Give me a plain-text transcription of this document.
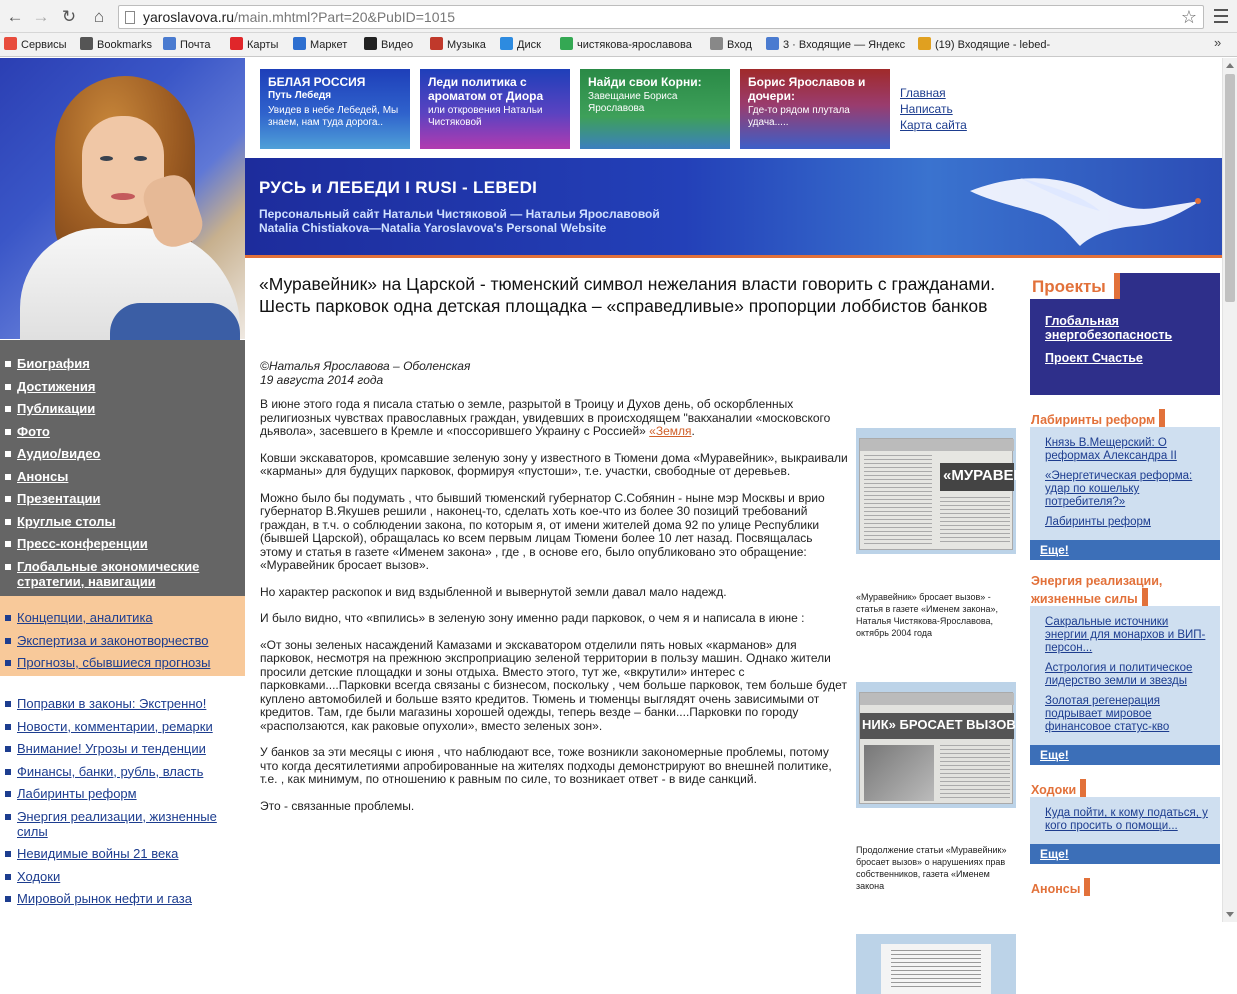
← → ↻	⌂	yaroslavova.ru/main.mhtml?Part=20&PubID=1015	☆
Сервисы	Bookmarks	Почта	Карты	Маркет	Видео	Музыка	Диск	чистякова-ярославова	Вход	3 · Входящие — Яндекс	(19) Входящие - lebed-	»
Биография
Достижения
Публикации
Фото
Аудио/видео
Анонсы
Презентации
Круглые столы
Пресс-конференции
Глобальные экономические стратегии, навигации
Концепции, аналитика
Экспертиза и законотворчество
Прогнозы, сбывшиеся прогнозы
Поправки в законы: Экстренно!
Новости, комментарии, ремарки
Внимание! Угрозы и тенденции
Финансы, банки, рубль, власть
Лабиринты реформ
Энергия реализации, жизненные силы
Невидимые войны 21 века
Ходоки
Мировой рынок нефти и газа
БЕЛАЯ РОССИЯ
Путь Лебедя
Увидев в небе Лебедей, Мы знаем, нам туда дорога..
Леди политика с ароматом от Диора
или откровения Натальи Чистяковой
Найди свои Корни:
Завещание Бориса Ярославова
Борис Ярославов и дочери:
Где-то рядом плутала удача.....
Главная
Написать
Карта сайта
РУСЬ и ЛЕБЕДИ I RUSI - LEBEDI
Персональный сайт Натальи Чистяковой — Натальи Ярославовой
Natalia Chistiakova—Natalia Yaroslavova's Personal Website
«Муравейник» на Царской - тюменский символ нежелания власти говорить с гражданами. Шесть парковок одна детская площадка – «справедливые» пропорции лоббистов банков
©Наталья Ярославова – Оболенская
19 августа 2014 года

В июне этого года я писала статью о земле, разрытой в Троицу и Духов день, об оскорбленных религиозных чувствах православных граждан, увидевших в происходящем "вакханалии «московского дьявола», засевшего в Кремле и «поссорившего Украину с Россией» «Земля.

Ковши экскаваторов, кромсавшие зеленую зону у известного в Тюмени дома «Муравейник», выкраивали «карманы» для будущих парковок, формируя «пустоши», т.е. участки, свободные от деревьев.

Можно было бы подумать , что бывший тюменский губернатор С.Собянин - ныне мэр Москвы и врио губернатор В.Якушев решили , наконец-то, сделать хоть кое-что из более 30 позиций требований граждан, в т.ч. о соблюдении закона, по которым я, от имени жителей дома 92 по улице Республики (бывшей Царской), обращалась ко всем первым лицам Тюмени более 10 лет назад. Посвящалась этому и статья в газете «Именем закона» , где , в основе его, было опубликовано это обращение: «Муравейник бросает вызов».

Но характер раскопок и вид вздыбленной и вывернутой земли давал мало надежд.

И было видно, что «впились» в зеленую зону именно ради парковок, о чем я и написала в июне :

«От зоны зеленых насаждений Камазами и экскаватором отделили пять новых «карманов» для парковок, несмотря на прежнюю экспроприацию зеленой территории в пользу машин. Однако жители просили детские площадки и зоны отдыха. Вместо этого, тут же, «вкрутили» интерес с парковками....Парковки всегда связаны с бизнесом, поскольку , чем больше парковок, тем больше будет куплено автомобилей и больше взято кредитов. Тюмень и тюменцы выглядят очень зависимыми от кредитов. Там, где были магазины хорошей одежды, теперь везде – банки....Парковки по городу «расползаются, как раковые опухоли», вместо зеленых зон».

У банков за эти месяцы с июня , что наблюдают все, тоже возникли закономерные проблемы, потому что когда десятилетиями апробированные на жителях подходы демонстрируют во внешней политике, т.е. , как минимум, по отношению к равным по силе, то возникает ответ - в виде санкций.

Это - связанные проблемы.

«МУРАВЕЙ
«Муравейник» бросает вызов» - статья в газете «Именем закона», Наталья Чистякова-Ярославова, октябрь 2004 года
НИК» БРОСАЕТ ВЫЗОВ
Продолжение статьи «Муравейник» бросает вызов» о нарушениях прав собственников, газета «Именем закона
Проекты
Глобальная энергобезопасность
Проект Счастье
Лабиринты реформ
Князь В.Мещерский: О реформах Александра II
«Энергетическая реформа: удар по кошельку потребителя?»
Лабиринты реформ
Еще!
Энергия реализации, жизненные силы
Сакральные источники энергии для монархов и ВИП-персон...
Астрология и политическое лидерство земли и звезды
Золотая регенерация подрывает мировое финансовое статус-кво
Еще!
Ходоки
Куда пойти, к кому податься, у кого просить о помощи...
Еще!
Анонсы
